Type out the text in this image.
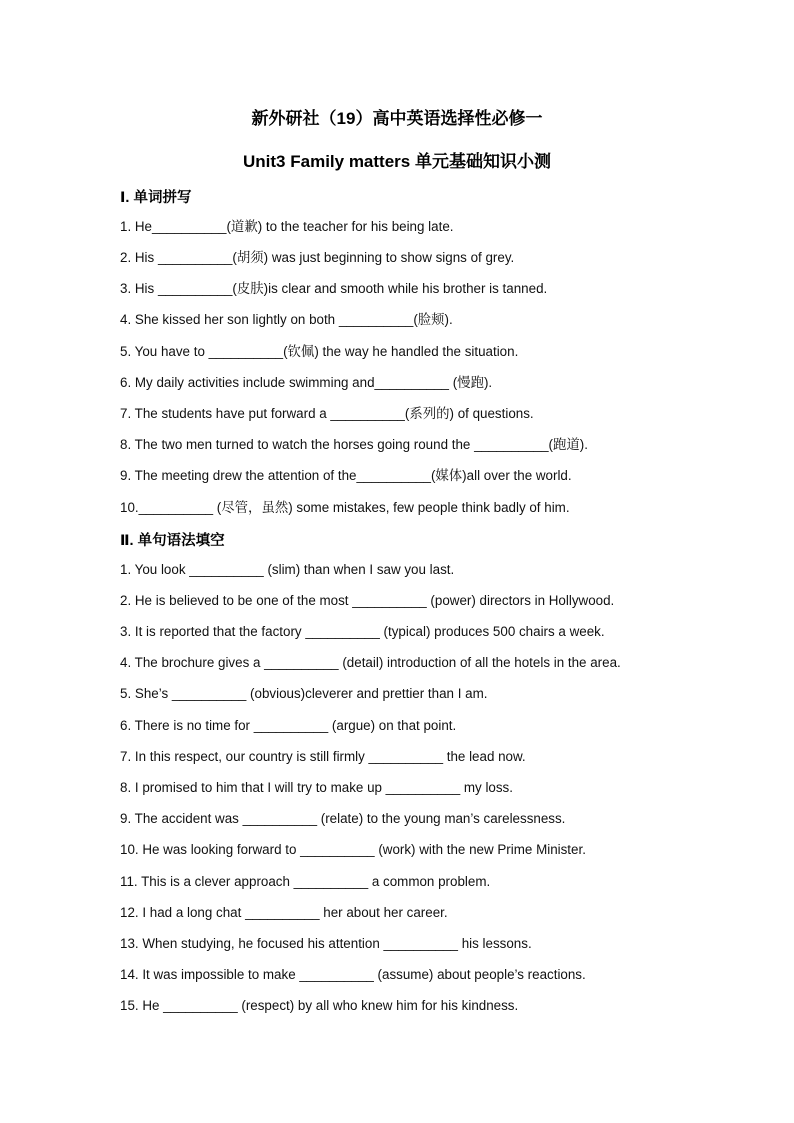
新外研社（19）高中英语选择性必修一
Unit3 Family matters 单元基础知识小测
Ⅰ. 单词拼写
1. He__________(道歉) to the teacher for his being late.
2. His __________(胡须) was just beginning to show signs of grey.
3. His __________(皮肤)is clear and smooth while his brother is tanned.
4. She kissed her son lightly on both __________(脸颊).
5. You have to __________(钦佩) the way he handled the situation.
6. My daily activities include swimming and__________ (慢跑).
7. The students have put forward a __________(系列的) of questions.
8. The two men turned to watch the horses going round the __________(跑道).
9. The meeting drew the attention of the__________(媒体)all over the world.
10.__________ (尽管，虽然) some mistakes, few people think badly of him.
Ⅱ. 单句语法填空
1. You look __________ (slim) than when I saw you last.
2. He is believed to be one of the most __________ (power) directors in Hollywood.
3. It is reported that the factory __________ (typical) produces 500 chairs a week.
4. The brochure gives a __________ (detail) introduction of all the hotels in the area.
5. She’s __________ (obvious)cleverer and prettier than I am.
6. There is no time for __________ (argue) on that point.
7. In this respect, our country is still firmly __________ the lead now.
8. I promised to him that I will try to make up __________ my loss.
9. The accident was __________ (relate) to the young man’s carelessness.
10. He was looking forward to __________ (work) with the new Prime Minister.
11. This is a clever approach __________ a common problem.
12. I had a long chat __________ her about her career.
13. When studying, he focused his attention __________ his lessons.
14. It was impossible to make __________ (assume) about people’s reactions.
15. He __________ (respect) by all who knew him for his kindness.
